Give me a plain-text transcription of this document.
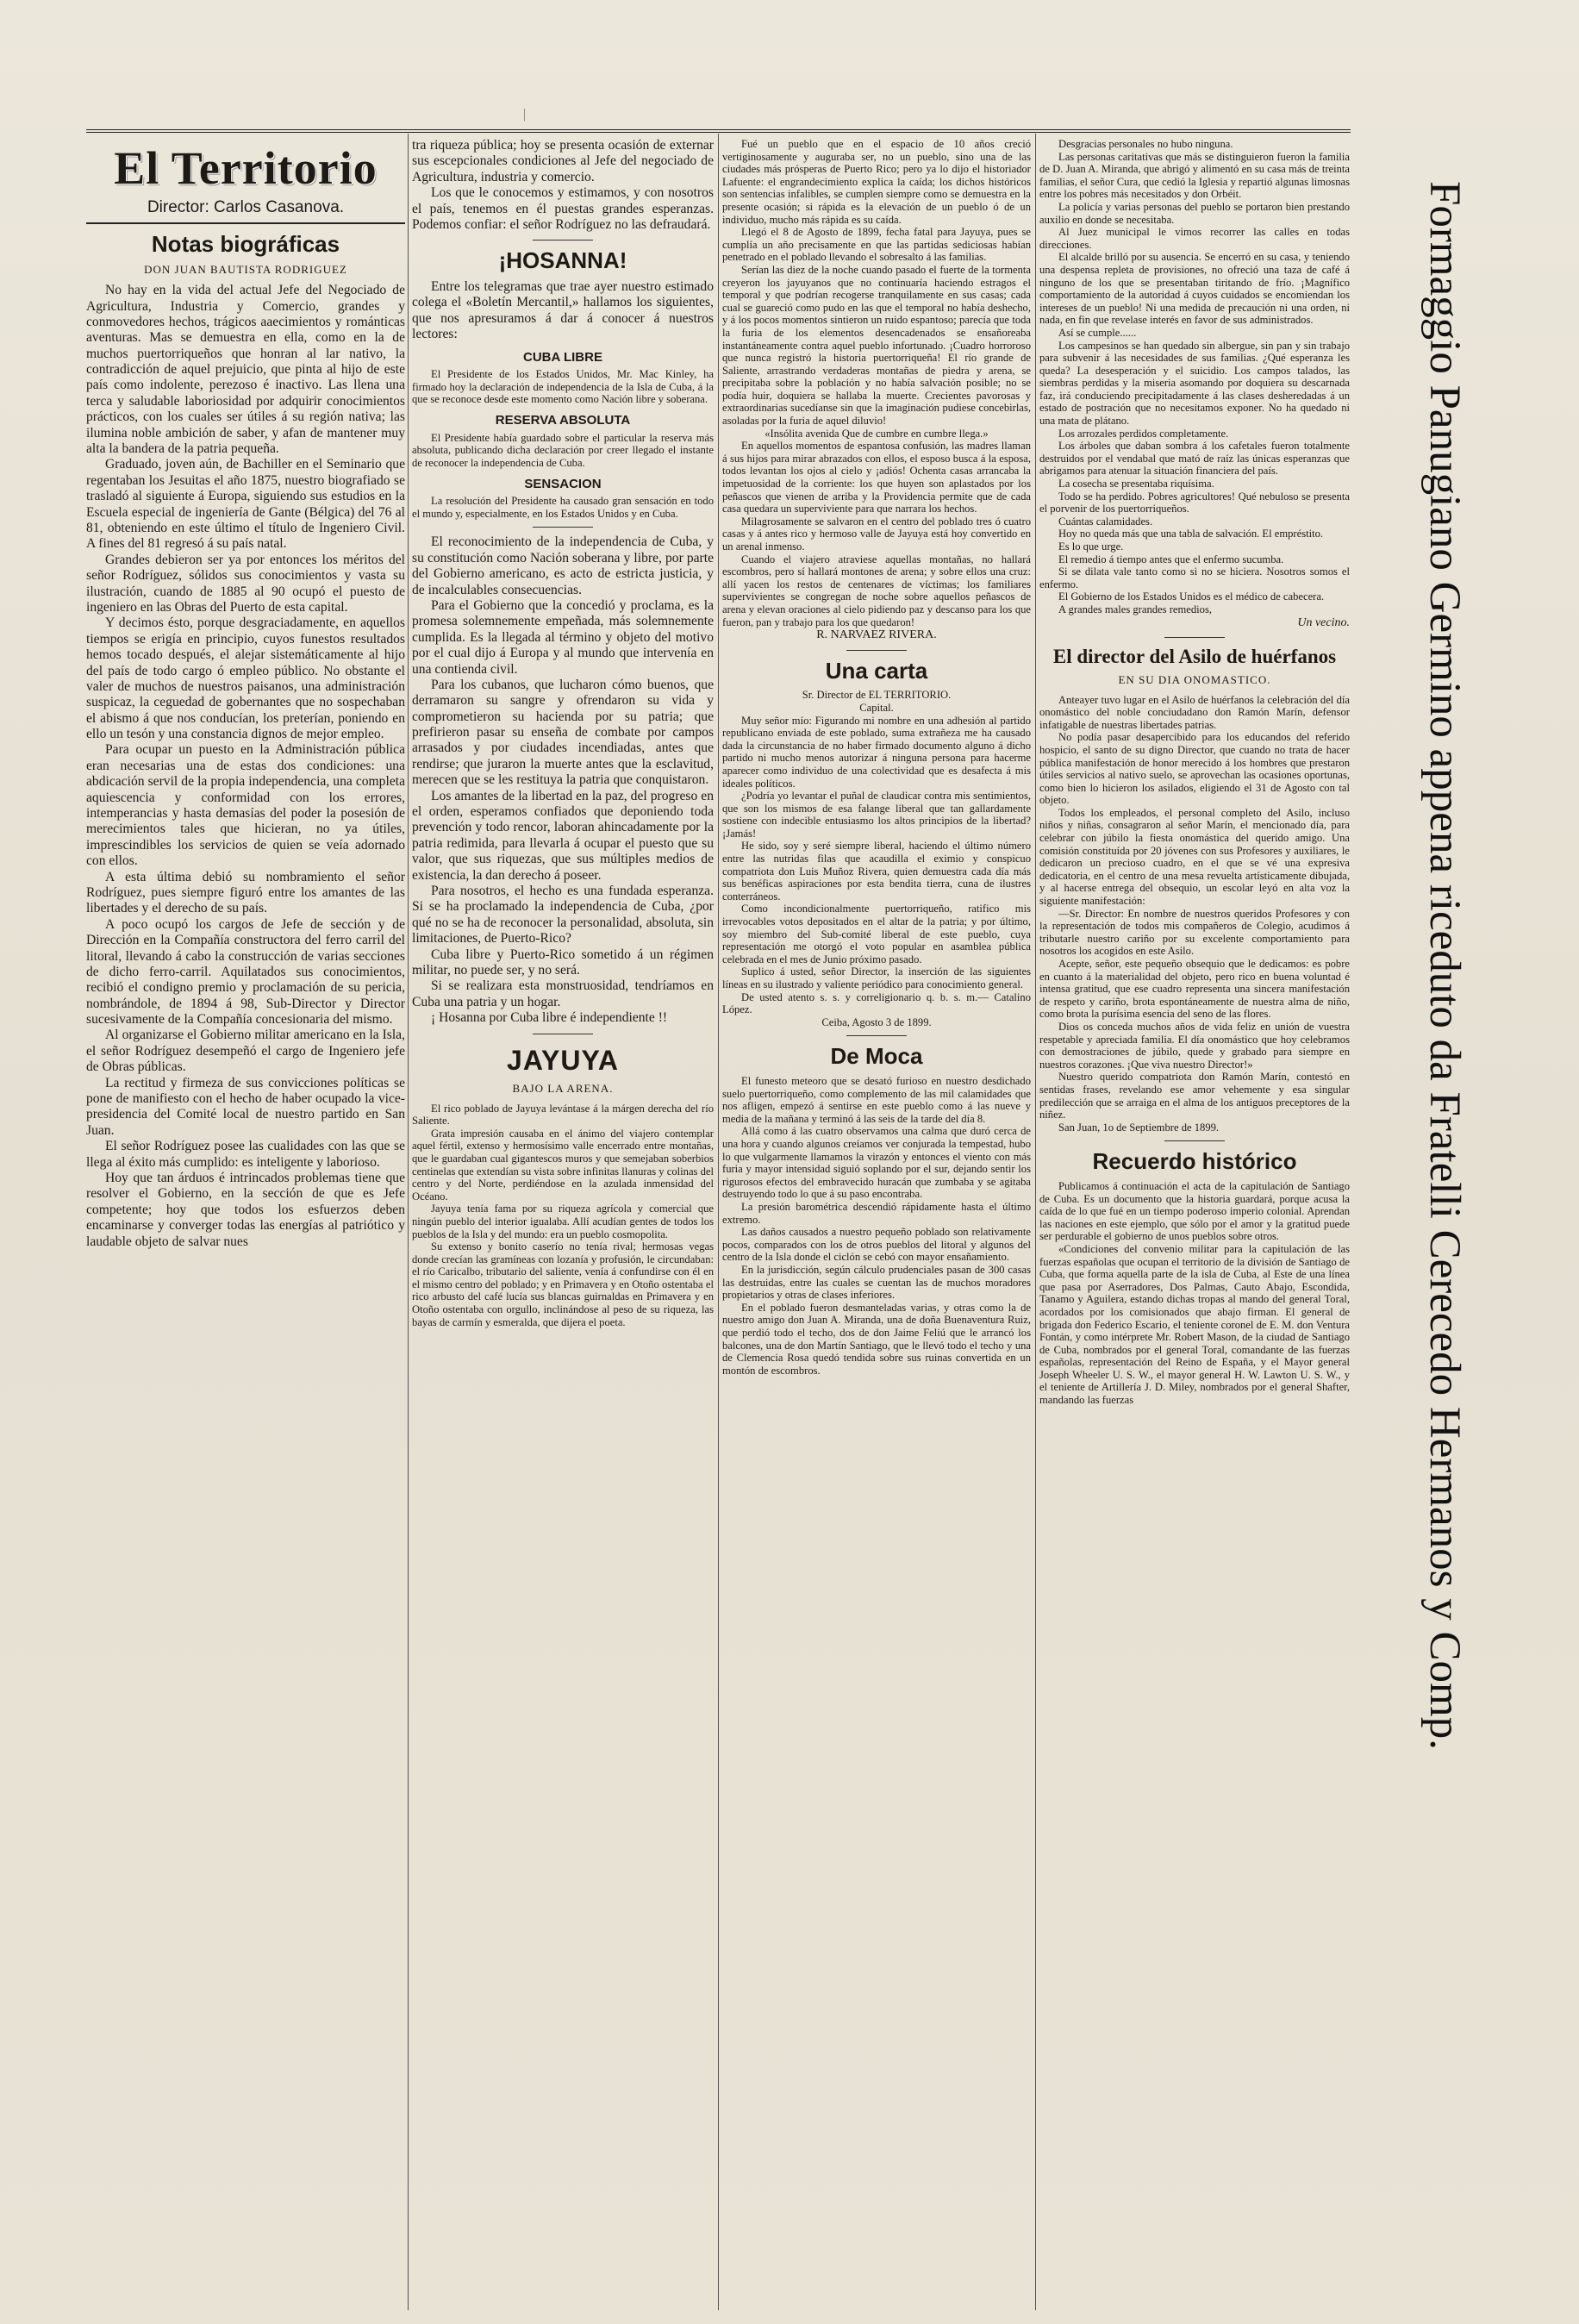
|
El Territorio
Director: Carlos Casanova.
Notas biográficas
DON JUAN BAUTISTA RODRIGUEZ

No hay en la vida del actual Jefe del Negociado de Agricultura, Industria y Comercio, grandes y conmovedores hechos, trágicos aaecimientos y románticas aventuras. Mas se demuestra en ella, como en la de muchos puertorriqueños que honran al lar nativo, la contradicción de aquel prejuicio, que pinta al hijo de este país como indolente, perezoso é inactivo. Las llena una terca y saludable laboriosidad por adquirir conocimientos prácticos, con los cuales ser útiles á su región nativa; las ilumina noble ambición de saber, y afan de mantener muy alta la bandera de la patria pequeña.

Graduado, joven aún, de Bachiller en el Seminario que regentaban los Jesuitas el año 1875, nuestro biografiado se trasladó al siguiente á Europa, siguiendo sus estudios en la Escuela especial de ingeniería de Gante (Bélgica) del 76 al 81, obteniendo en este último el título de Ingeniero Civil. A fines del 81 regresó á su país natal.

Grandes debieron ser ya por entonces los méritos del señor Rodríguez, sólidos sus conocimientos y vasta su ilustración, cuando de 1885 al 90 ocupó el puesto de ingeniero en las Obras del Puerto de esta capital.

Y decimos ésto, porque desgraciadamente, en aquellos tiempos se erigía en principio, cuyos funestos resultados hemos tocado después, el alejar sistemáticamente al hijo del país de todo cargo ó empleo público. No obstante el valer de muchos de nuestros paisanos, una administración suspicaz, la ceguedad de gobernantes que no sospechaban el abismo á que nos conducían, los preterían, poniendo en ello un tesón y una constancia dignos de mejor empleo.

Para ocupar un puesto en la Administración pública eran necesarias una de estas dos condiciones: una abdicación servil de la propia independencia, una completa aquiescencia y conformidad con los errores, intemperancias y hasta demasías del poder la posesión de merecimientos tales que hicieran, no ya útiles, imprescindibles los servicios de quien se veía adornado con ellos.

A esta última debió su nombramiento el señor Rodríguez, pues siempre figuró entre los amantes de las libertades y el derecho de su país.

A poco ocupó los cargos de Jefe de sección y de Dirección en la Compañía constructora del ferro carril del litoral, llevando á cabo la construcción de varias secciones de dicho ferro-carril. Aquilatados sus conocimientos, recibió el condigno premio y proclamación de su pericia, nombrándole, de 1894 á 98, Sub-Director y Director sucesivamente de la Compañía concesionaria del mismo.

Al organizarse el Gobierno militar americano en la Isla, el señor Rodríguez desempeñó el cargo de Ingeniero jefe de Obras públicas.

La rectitud y firmeza de sus convicciones políticas se pone de manifiesto con el hecho de haber ocupado la vice-presidencia del Comité local de nuestro partido en San Juan.

El señor Rodríguez posee las cualidades con las que se llega al éxito más cumplido: es inteligente y laborioso.

Hoy que tan árduos é intrincados problemas tiene que resolver el Gobierno, en la sección de que es Jefe competente; hoy que todos los esfuerzos deben encaminarse y converger todas las energías al patriótico y laudable objeto de salvar nues

tra riqueza pública; hoy se presenta ocasión de externar sus escepcionales condiciones al Jefe del negociado de Agricultura, industria y comercio.

Los que le conocemos y estimamos, y con nosotros el país, tenemos en él puestas grandes esperanzas. Podemos confiar: el señor Rodríguez no las defraudará.

¡HOSANNA!

Entre los telegramas que trae ayer nuestro estimado colega el «Boletín Mercantil,» hallamos los siguientes, que nos apresuramos á dar á conocer á nuestros lectores:

CUBA LIBRE

El Presidente de los Estados Unidos, Mr. Mac Kinley, ha firmado hoy la declaración de independencia de la Isla de Cuba, á la que se reconoce desde este momento como Nación libre y soberana.

RESERVA ABSOLUTA

El Presidente había guardado sobre el particular la reserva más absoluta, publicando dicha declaración por creer llegado el instante de reconocer la independencia de Cuba.

SENSACION

La resolución del Presidente ha causado gran sensación en todo el mundo y, especialmente, en los Estados Unidos y en Cuba.

El reconocimiento de la independencia de Cuba, y su constitución como Nación soberana y libre, por parte del Gobierno americano, es acto de estricta justicia, y de incalculables consecuencias.

Para el Gobierno que la concedió y proclama, es la promesa solemnemente empeñada, más solemnemente cumplida. Es la llegada al término y objeto del motivo por el cual dijo á Europa y al mundo que intervenía en una contienda civil.

Para los cubanos, que lucharon cómo buenos, que derramaron su sangre y ofrendaron su vida y comprometieron su hacienda por su patria; que prefirieron pasar su enseña de combate por campos arrasados y por ciudades incendiadas, antes que rendirse; que juraron la muerte antes que la esclavitud, merecen que se les restituya la patria que conquistaron.

Los amantes de la libertad en la paz, del progreso en el orden, esperamos confiados que deponiendo toda prevención y todo rencor, laboran ahincadamente por la patria redimida, para llevarla á ocupar el puesto que su valor, que sus riquezas, que sus múltiples medios de existencia, la dan derecho á poseer.

Para nosotros, el hecho es una fundada esperanza. Si se ha proclamado la independencia de Cuba, ¿por qué no se ha de reconocer la personalidad, absoluta, sin limitaciones, de Puerto-Rico?

Cuba libre y Puerto-Rico sometido á un régimen militar, no puede ser, y no será.

Si se realizara esta monstruosidad, tendríamos en Cuba una patria y un hogar.

¡ Hosanna por Cuba libre é independiente !!

JAYUYA
BAJO LA ARENA.

El rico poblado de Jayuya levántase á la márgen derecha del río Saliente.

Grata impresión causaba en el ánimo del viajero contemplar aquel fértil, extenso y hermosísimo valle encerrado entre montañas, que le guardaban cual gigantescos muros y que semejaban soberbios centinelas que extendían su vista sobre infinitas llanuras y colinas del centro y del Norte, perdiéndose en la azulada inmensidad del Océano.

Jayuya tenía fama por su riqueza agrícola y comercial que ningún pueblo del interior igualaba. Allí acudían gentes de todos los pueblos de la Isla y del mundo: era un pueblo cosmopolita.

Su extenso y bonito caserío no tenía rival; hermosas vegas donde crecían las gramíneas con lozanía y profusión, le circundaban: el río Caricalbo, tributario del saliente, venía á confundirse con él en el mismo centro del poblado; y en Primavera y en Otoño ostentaba el rico arbusto del café lucía sus blancas guirnaldas en Primavera y en Otoño ostentaba con orgullo, inclinándose al peso de su riqueza, las bayas de carmín y esmeralda, que dijera el poeta.

Fué un pueblo que en el espacio de 10 años creció vertiginosamente y auguraba ser, no un pueblo, sino una de las ciudades más prósperas de Puerto Rico; pero ya lo dijo el historiador Lafuente: el engrandecimiento explica la caída; los dichos históricos son sentencias infalibles, se cumplen siempre como se demuestra en la presente ocasión; si rápida es la elevación de un pueblo ó de un individuo, mucho más rápida es su caída.

Llegó el 8 de Agosto de 1899, fecha fatal para Jayuya, pues se cumplía un año precisamente en que las partidas sediciosas habían penetrado en el poblado llevando el sobresalto á las familias.

Serían las diez de la noche cuando pasado el fuerte de la tormenta creyeron los jayuyanos que no continuaría haciendo estragos el temporal y que podrían recogerse tranquilamente en sus casas; cada cual se guareció como pudo en las que el temporal no había deshecho, y á los pocos momentos sintieron un ruido espantoso; parecía que toda la furia de los elementos desencadenados se ensañoreaba instantáneamente contra aquel pueblo infortunado. ¡Cuadro horroroso que nunca registró la historia puertorriqueña! El río grande de Saliente, arrastrando verdaderas montañas de piedra y arena, se precipitaba sobre la población y no había salvación posible; no se podía huir, doquiera se hallaba la muerte. Crecientes pavorosas y extraordinarias sucedíanse sin que la imaginación pudiese concebirlas, asoladas por la furia de aquel diluvio!

«Insólita avenida Que de cumbre en cumbre llega.»

En aquellos momentos de espantosa confusión, las madres llaman á sus hijos para mirar abrazados con ellos, el esposo busca á la esposa, todos levantan los ojos al cielo y ¡adiós! Ochenta casas arrancaba la impetuosidad de la corriente: los que huyen son aplastados por los peñascos que vienen de arriba y la Providencia permite que de cada casa quedara un superviviente para que narrara los hechos.

Milagrosamente se salvaron en el centro del poblado tres ó cuatro casas y á antes rico y hermoso valle de Jayuya está hoy convertido en un arenal inmenso.

Cuando el viajero atraviese aquellas montañas, no hallará escombros, pero sí hallará montones de arena; y sobre ellos una cruz: allí yacen los restos de centenares de víctimas; los familiares supervivientes se congregan de noche sobre aquellos peñascos de arena y elevan oraciones al cielo pidiendo paz y descanso para los que fueron, pan y trabajo para los que quedaron!

R. NARVAEZ RIVERA.
Una carta

Sr. Director de EL TERRITORIO.

Capital.

Muy señor mío: Figurando mi nombre en una adhesión al partido republicano enviada de este poblado, suma extrañeza me ha causado dada la circunstancia de no haber firmado documento alguno á dicho partido ni mucho menos autorizar á ninguna persona para hacerme aparecer como individuo de una colectividad que es desafecta á mis ideales políticos.

¿Podría yo levantar el puñal de claudicar contra mis sentimientos, que son los mismos de esa falange liberal que tan gallardamente sostiene con indecible entusiasmo los altos principios de la libertad? ¡Jamás!

He sido, soy y seré siempre liberal, haciendo el último número entre las nutridas filas que acaudilla el eximio y conspicuo compatriota don Luis Muñoz Rivera, quien demuestra cada día más sus benéficas aspiraciones por esta bendita tierra, cuna de ilustres conterráneos.

Como incondicionalmente puertorriqueño, ratifico mis irrevocables votos depositados en el altar de la patria; y por último, soy miembro del Sub-comité liberal de este pueblo, cuya representación me otorgó el voto popular en asamblea pública celebrada en el mes de Junio próximo pasado.

Suplico á usted, señor Director, la inserción de las siguientes líneas en su ilustrado y valiente periódico para conocimiento general.

De usted atento s. s. y correligionario q. b. s. m.— Catalino López.

Ceiba, Agosto 3 de 1899.

De Moca

El funesto meteoro que se desató furioso en nuestro desdichado suelo puertorriqueño, como complemento de las mil calamidades que nos afligen, empezó á sentirse en este pueblo como á las nueve y media de la mañana y terminó á las seis de la tarde del día 8.

Allá como á las cuatro observamos una calma que duró cerca de una hora y cuando algunos creíamos ver conjurada la tempestad, hubo lo que vulgarmente llamamos la virazón y entonces el viento con más furia y mayor intensidad siguió soplando por el sur, dejando sentir los rigurosos efectos del embravecido huracán que zumbaba y se agitaba destruyendo todo lo que á su paso encontraba.

La presión barométrica descendió rápidamente hasta el último extremo.

Las daños causados a nuestro pequeño poblado son relativamente pocos, comparados con los de otros pueblos del litoral y algunos del centro de la Isla donde el ciclón se cebó con mayor ensañamiento.

En la jurisdicción, según cálculo prudenciales pasan de 300 casas las destruidas, entre las cuales se cuentan las de muchos moradores propietarios y otras de clases inferiores.

En el poblado fueron desmanteladas varias, y otras como la de nuestro amigo don Juan A. Miranda, una de doña Buenaventura Ruiz, que perdió todo el techo, dos de don Jaime Feliú que le arrancó los balcones, una de don Martín Santiago, que le llevó todo el techo y una de Clemencia Rosa quedó tendida sobre sus ruinas convertida en un montón de escombros.

Desgracias personales no hubo ninguna.

Las personas caritativas que más se distinguieron fueron la familia de D. Juan A. Miranda, que abrigó y alimentó en su casa más de treinta familias, el señor Cura, que cedió la Iglesia y repartió algunas limosnas entre los pobres más necesitados y don Orbéit.

La policía y varias personas del pueblo se portaron bien prestando auxilio en donde se necesitaba.

Al Juez municipal le vimos recorrer las calles en todas direcciones.

El alcalde brilló por su ausencia. Se encerró en su casa, y teniendo una despensa repleta de provisiones, no ofreció una taza de café á ninguno de los que se presentaban tiritando de frío. ¡Magnífico comportamiento de la autoridad á cuyos cuidados se encomiendan los intereses de un pueblo! Ni una medida de precaución ni una orden, ni nada, en fin que revelase interés en favor de sus administrados.

Así se cumple......

Los campesinos se han quedado sin albergue, sin pan y sin trabajo para subvenir á las necesidades de sus familias. ¿Qué esperanza les queda? La desesperación y el suicidio. Los campos talados, las siembras perdidas y la miseria asomando por doquiera su descarnada faz, irá conduciendo precipitadamente á las clases desheredadas á un estado de postración que no necesitamos exponer. No ha quedado ni una mata de plátano.

Los arrozales perdidos completamente.

Los árboles que daban sombra á los cafetales fueron totalmente destruidos por el vendabal que mató de raíz las únicas esperanzas que abrigamos para atenuar la situación financiera del país.

La cosecha se presentaba riquísima.

Todo se ha perdido. Pobres agricultores! Qué nebuloso se presenta el porvenir de los puertorriqueños.

Cuántas calamidades.

Hoy no queda más que una tabla de salvación. El empréstito.

Es lo que urge.

El remedio á tiempo antes que el enfermo sucumba.

Si se dilata vale tanto como si no se hiciera. Nosotros somos el enfermo.

El Gobierno de los Estados Unidos es el médico de cabecera.

A grandes males grandes remedios,

Un vecino.
El director del Asilo de huérfanos
EN SU DIA ONOMASTICO.

Anteayer tuvo lugar en el Asilo de huérfanos la celebración del día onomástico del noble conciudadano don Ramón Marín, defensor infatigable de nuestras libertades patrias.

No podía pasar desapercibido para los educandos del referido hospicio, el santo de su digno Director, que cuando no trata de hacer pública manifestación de honor merecido á los hombres que prestaron útiles servicios al nativo suelo, se aprovechan las ocasiones oportunas, como bien lo hicieron los asilados, eligiendo el 31 de Agosto con tal objeto.

Todos los empleados, el personal completo del Asilo, incluso niños y niñas, consagraron al señor Marín, el mencionado día, para celebrar con júbilo la fiesta onomástica del querido amigo. Una comisión constituída por 20 jóvenes con sus Profesores y auxiliares, le dedicaron un precioso cuadro, en el que se vé una expresiva dedicatoria, en el centro de una mesa revuelta artísticamente dibujada, y al hacerse entrega del obsequio, un escolar leyó en alta voz la siguiente manifestación:

—Sr. Director: En nombre de nuestros queridos Profesores y con la representación de todos mis compañeros de Colegio, acudimos á tributarle nuestro cariño por su excelente comportamiento para nosotros los acogidos en este Asilo.

Acepte, señor, este pequeño obsequio que le dedicamos: es pobre en cuanto á la materialidad del objeto, pero rico en buena voluntad é intensa gratitud, que ese cuadro representa una sincera manifestación de respeto y cariño, brota espontáneamente de nuestra alma de niño, como brota la purísima esencia del seno de las flores.

Dios os conceda muchos años de vida feliz en unión de vuestra respetable y apreciada familia. El día onomástico que hoy celebramos con demostraciones de júbilo, quede y grabado para siempre en nuestros corazones. ¡Que viva nuestro Director!»

Nuestro querido compatriota don Ramón Marín, contestó en sentidas frases, revelando ese amor vehemente y esa singular predilección que se arraiga en el alma de los antiguos preceptores de la niñez.

San Juan, 1o de Septiembre de 1899.

Recuerdo histórico

Publicamos á continuación el acta de la capitulación de Santiago de Cuba. Es un documento que la historia guardará, porque acusa la caída de lo que fué en un tiempo poderoso imperio colonial. Aprendan las naciones en este ejemplo, que sólo por el amor y la gratitud puede ser perdurable el gobierno de unos pueblos sobre otros.

«Condiciones del convenio militar para la capitulación de las fuerzas españolas que ocupan el territorio de la división de Santiago de Cuba, que forma aquella parte de la isla de Cuba, al Este de una línea que pasa por Aserradores, Dos Palmas, Cauto Abajo, Escondida, Tanamo y Aguilera, estando dichas tropas al mando del general Toral, acordados por los comisionados que abajo firman. El general de brigada don Federico Escario, el teniente coronel de E. M. don Ventura Fontán, y como intérprete Mr. Robert Mason, de la ciudad de Santiago de Cuba, nombrados por el general Toral, comandante de las fuerzas españolas, representación del Reino de España, y el Mayor general Joseph Wheeler U. S. W., el mayor general H. W. Lawton U. S. W., y el teniente de Artillería J. D. Miley, nombrados por el general Shafter, mandando las fuerzas	Formaggio Panugiano Germino appena riceduto da Fratelli Cerecedo Hermanos y Comp.
